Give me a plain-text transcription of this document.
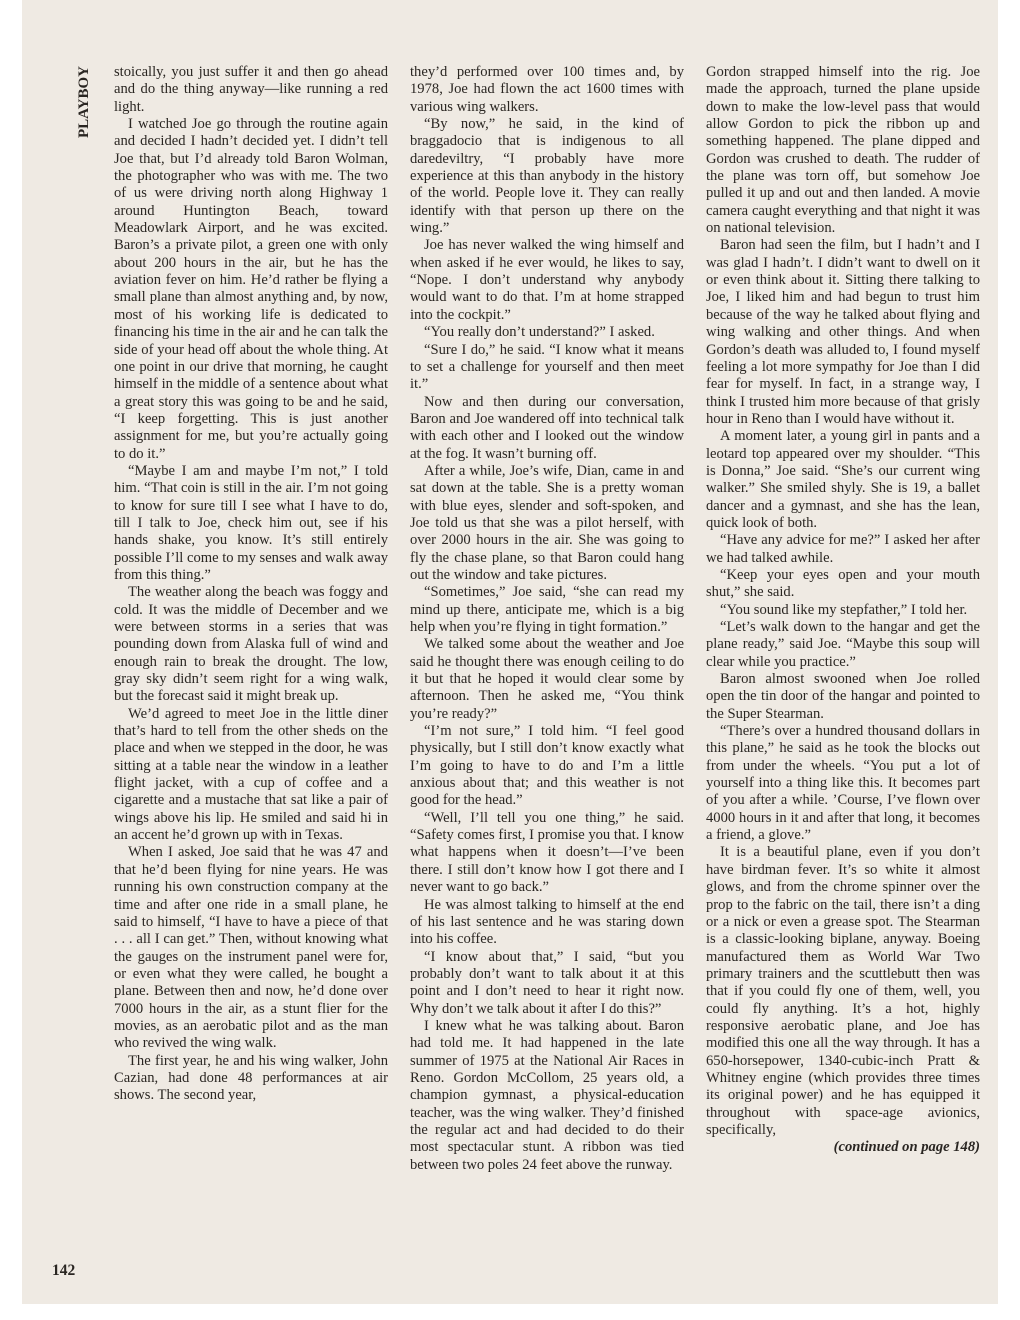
PLAYBOY stoically, you just suffer it and then go ahead and do the thing anyway—like running a red light.

I watched Joe go through the routine again and decided I hadn’t decided yet. I didn’t tell Joe that, but I’d already told Baron Wolman, the photographer who was with me. The two of us were driving north along Highway 1 around Huntington Beach, toward Meadowlark Airport, and he was excited. Baron’s a private pilot, a green one with only about 200 hours in the air, but he has the aviation fever on him. He’d rather be flying a small plane than almost anything and, by now, most of his working life is dedicated to financing his time in the air and he can talk the side of your head off about the whole thing. At one point in our drive that morning, he caught himself in the middle of a sentence about what a great story this was going to be and he said, “I keep forgetting. This is just another assignment for me, but you’re actually going to do it.”

“Maybe I am and maybe I’m not,” I told him. “That coin is still in the air. I’m not going to know for sure till I see what I have to do, till I talk to Joe, check him out, see if his hands shake, you know. It’s still entirely possible I’ll come to my senses and walk away from this thing.”

The weather along the beach was foggy and cold. It was the middle of December and we were between storms in a series that was pounding down from Alaska full of wind and enough rain to break the drought. The low, gray sky didn’t seem right for a wing walk, but the forecast said it might break up.

We’d agreed to meet Joe in the little diner that’s hard to tell from the other sheds on the place and when we stepped in the door, he was sitting at a table near the window in a leather flight jacket, with a cup of coffee and a cigarette and a mustache that sat like a pair of wings above his lip. He smiled and said hi in an accent he’d grown up with in Texas.

When I asked, Joe said that he was 47 and that he’d been flying for nine years. He was running his own construction company at the time and after one ride in a small plane, he said to himself, “I have to have a piece of that . . . all I can get.” Then, without knowing what the gauges on the instrument panel were for, or even what they were called, he bought a plane. Between then and now, he’d done over 7000 hours in the air, as a stunt flier for the movies, as an aerobatic pilot and as the man who revived the wing walk.

The first year, he and his wing walker, John Cazian, had done 48 performances at air shows. The second year,

they’d performed over 100 times and, by 1978, Joe had flown the act 1600 times with various wing walkers.

“By now,” he said, in the kind of braggadocio that is indigenous to all daredeviltry, “I probably have more experience at this than anybody in the history of the world. People love it. They can really identify with that person up there on the wing.”

Joe has never walked the wing himself and when asked if he ever would, he likes to say, “Nope. I don’t understand why anybody would want to do that. I’m at home strapped into the cockpit.”

“You really don’t understand?” I asked.

“Sure I do,” he said. “I know what it means to set a challenge for yourself and then meet it.”

Now and then during our conversation, Baron and Joe wandered off into technical talk with each other and I looked out the window at the fog. It wasn’t burning off.

After a while, Joe’s wife, Dian, came in and sat down at the table. She is a pretty woman with blue eyes, slender and soft-spoken, and Joe told us that she was a pilot herself, with over 2000 hours in the air. She was going to fly the chase plane, so that Baron could hang out the window and take pictures.

“Sometimes,” Joe said, “she can read my mind up there, anticipate me, which is a big help when you’re flying in tight formation.”

We talked some about the weather and Joe said he thought there was enough ceiling to do it but that he hoped it would clear some by afternoon. Then he asked me, “You think you’re ready?”

“I’m not sure,” I told him. “I feel good physically, but I still don’t know exactly what I’m going to have to do and I’m a little anxious about that; and this weather is not good for the head.”

“Well, I’ll tell you one thing,” he said. “Safety comes first, I promise you that. I know what happens when it doesn’t—I’ve been there. I still don’t know how I got there and I never want to go back.”

He was almost talking to himself at the end of his last sentence and he was staring down into his coffee.

“I know about that,” I said, “but you probably don’t want to talk about it at this point and I don’t need to hear it right now. Why don’t we talk about it after I do this?”

I knew what he was talking about. Baron had told me. It had happened in the late summer of 1975 at the National Air Races in Reno. Gordon McCollom, 25 years old, a champion gymnast, a physical-education teacher, was the wing walker. They’d finished the regular act and had decided to do their most spectacular stunt. A ribbon was tied between two poles 24 feet above the runway.

Gordon strapped himself into the rig. Joe made the approach, turned the plane upside down to make the low-level pass that would allow Gordon to pick the ribbon up and something happened. The plane dipped and Gordon was crushed to death. The rudder of the plane was torn off, but somehow Joe pulled it up and out and then landed. A movie camera caught everything and that night it was on national television.

Baron had seen the film, but I hadn’t and I was glad I hadn’t. I didn’t want to dwell on it or even think about it. Sitting there talking to Joe, I liked him and had begun to trust him because of the way he talked about flying and wing walking and other things. And when Gordon’s death was alluded to, I found myself feeling a lot more sympathy for Joe than I did fear for myself. In fact, in a strange way, I think I trusted him more because of that grisly hour in Reno than I would have without it.

A moment later, a young girl in pants and a leotard top appeared over my shoulder. “This is Donna,” Joe said. “She’s our current wing walker.” She smiled shyly. She is 19, a ballet dancer and a gymnast, and she has the lean, quick look of both.

“Have any advice for me?” I asked her after we had talked awhile.

“Keep your eyes open and your mouth shut,” she said.

“You sound like my stepfather,” I told her.

“Let’s walk down to the hangar and get the plane ready,” said Joe. “Maybe this soup will clear while you practice.”

Baron almost swooned when Joe rolled open the tin door of the hangar and pointed to the Super Stearman.

“There’s over a hundred thousand dollars in this plane,” he said as he took the blocks out from under the wheels. “You put a lot of yourself into a thing like this. It becomes part of you after a while. ’Course, I’ve flown over 4000 hours in it and after that long, it becomes a friend, a glove.”

It is a beautiful plane, even if you don’t have birdman fever. It’s so white it almost glows, and from the chrome spinner over the prop to the fabric on the tail, there isn’t a ding or a nick or even a grease spot. The Stearman is a classic-looking biplane, anyway. Boeing manufactured them as World War Two primary trainers and the scuttlebutt then was that if you could fly one of them, well, you could fly anything. It’s a hot, highly responsive aerobatic plane, and Joe has modified this one all the way through. It has a 650-horsepower, 1340-cubic-inch Pratt & Whitney engine (which provides three times its original power) and he has equipped it throughout with space-age avionics, specifically,

(continued on page 148)

142
